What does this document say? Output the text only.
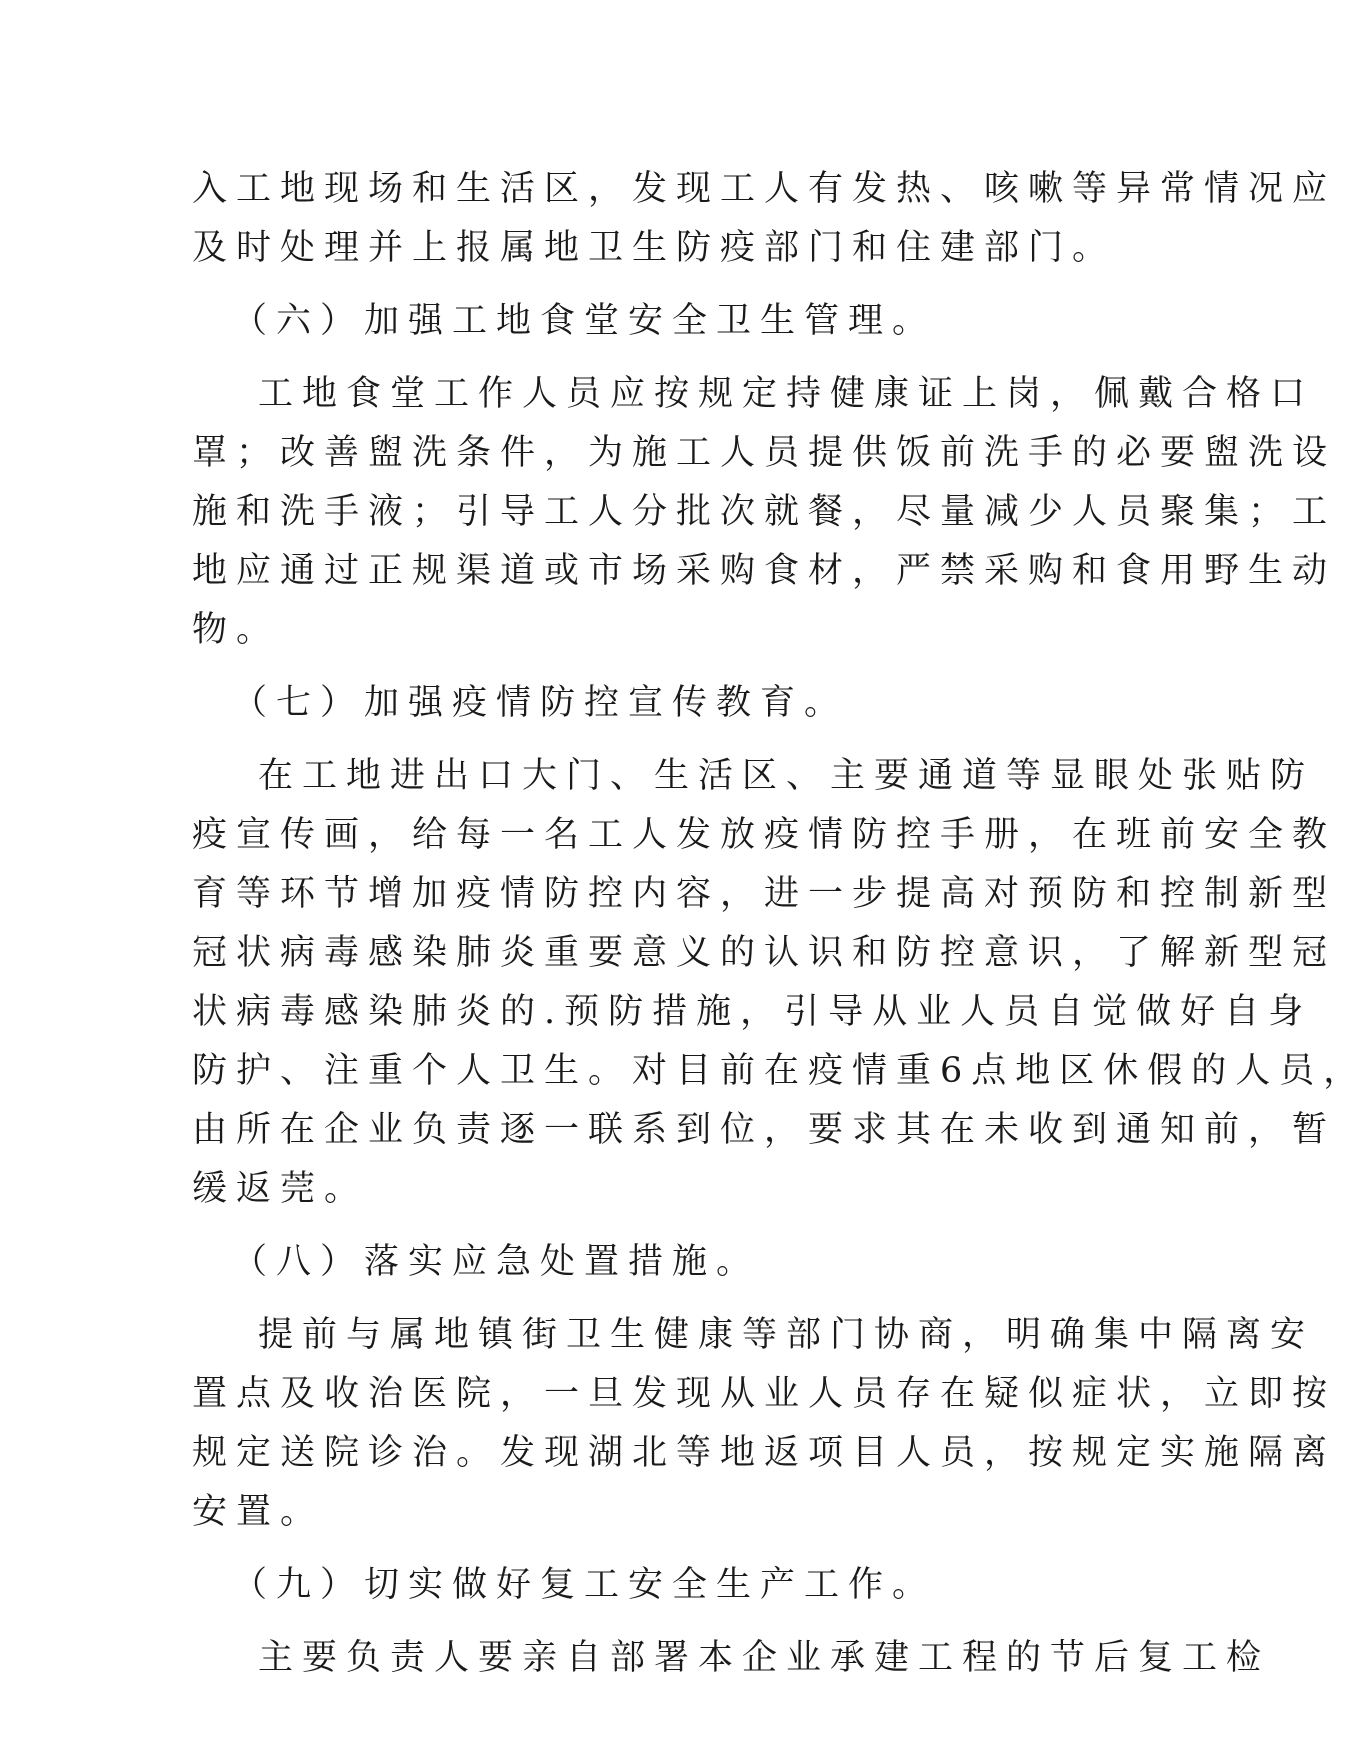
入工地现场和生活区，发现工人有发热、咳嗽等异常情况应
及时处理并上报属地卫生防疫部门和住建部门。
（六）加强工地食堂安全卫生管理。
工地食堂工作人员应按规定持健康证上岗，佩戴合格口
罩；改善盥洗条件，为施工人员提供饭前洗手的必要盥洗设
施和洗手液；引导工人分批次就餐，尽量减少人员聚集；工
地应通过正规渠道或市场采购食材，严禁采购和食用野生动
物。
（七）加强疫情防控宣传教育。
在工地进出口大门、生活区、主要通道等显眼处张贴防
疫宣传画，给每一名工人发放疫情防控手册，在班前安全教
育等环节增加疫情防控内容，进一步提高对预防和控制新型
冠状病毒感染肺炎重要意义的认识和防控意识，了解新型冠
状病毒感染肺炎的.预防措施，引导从业人员自觉做好自身
防护、注重个人卫生。对目前在疫情重6点地区休假的人员，
由所在企业负责逐一联系到位，要求其在未收到通知前，暂
缓返莞。
（八）落实应急处置措施。
提前与属地镇街卫生健康等部门协商，明确集中隔离安
置点及收治医院，一旦发现从业人员存在疑似症状，立即按
规定送院诊治。发现湖北等地返项目人员，按规定实施隔离
安置。
（九）切实做好复工安全生产工作。
主要负责人要亲自部署本企业承建工程的节后复工检
